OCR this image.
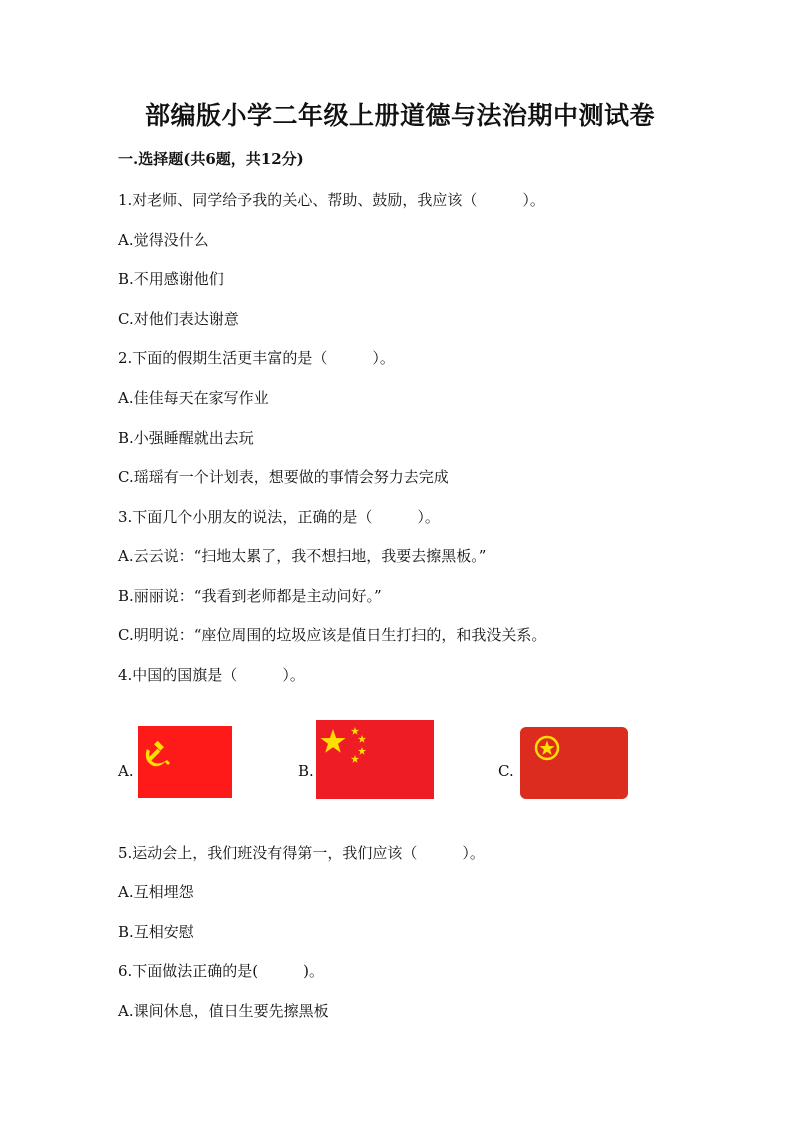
部编版小学二年级上册道德与法治期中测试卷
一.选择题(共6题，共12分)
1.对老师、同学给予我的关心、帮助、鼓励，我应该（　　　）。
A.觉得没什么
B.不用感谢他们
C.对他们表达谢意
2.下面的假期生活更丰富的是（　　　）。
A.佳佳每天在家写作业
B.小强睡醒就出去玩
C.瑶瑶有一个计划表，想要做的事情会努力去完成
3.下面几个小朋友的说法，正确的是（　　　）。
A.云云说：“扫地太累了，我不想扫地，我要去擦黑板。”
B.丽丽说：“我看到老师都是主动问好。”
C.明明说：“座位周围的垃圾应该是值日生打扫的，和我没关系。
4.中国的国旗是（　　　）。
A.	B.	C.
5.运动会上，我们班没有得第一，我们应该（　　　）。
A.互相埋怨
B.互相安慰
6.下面做法正确的是(　　　)。
A.课间休息，值日生要先擦黑板
